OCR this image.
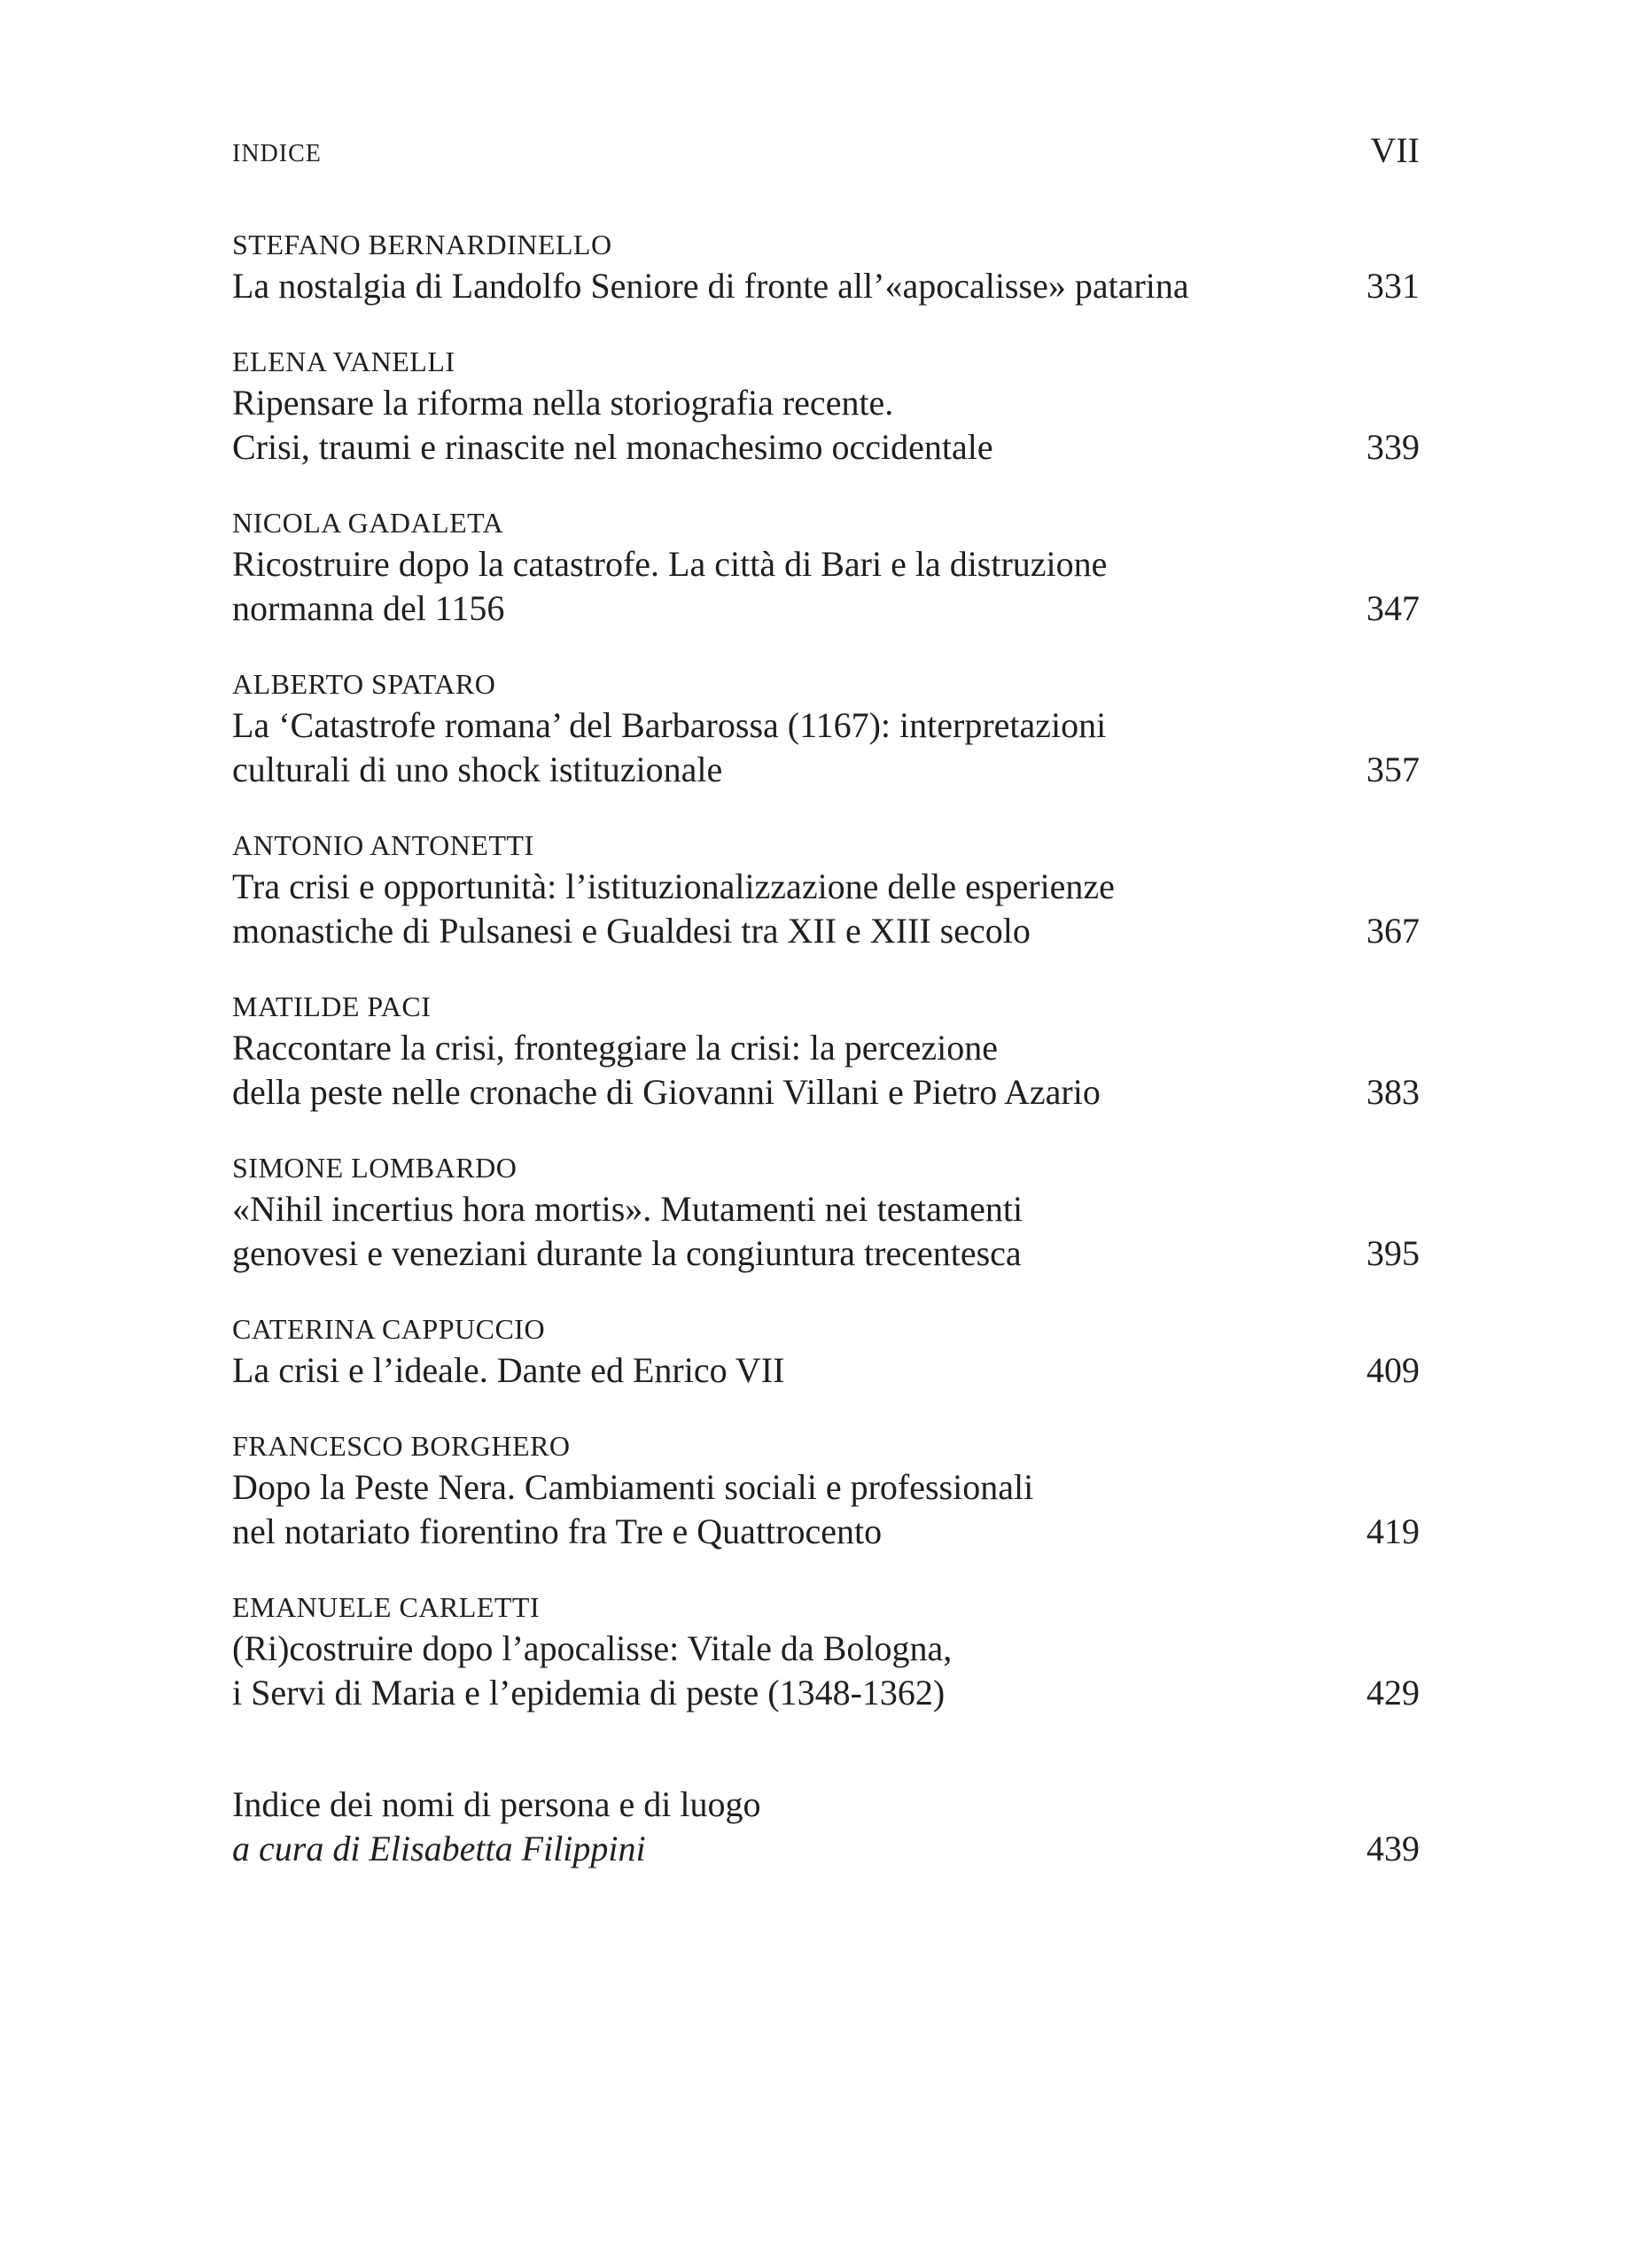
INDICE	VII
STEFANO BERNARDINELLO
La nostalgia di Landolfo Seniore di fronte all’«apocalisse» patarina	331
ELENA VANELLI
Ripensare la riforma nella storiografia recente.
Crisi, traumi e rinascite nel monachesimo occidentale	339
NICOLA GADALETA
Ricostruire dopo la catastrofe. La città di Bari e la distruzione
normanna del 1156	347
ALBERTO SPATARO
La ‘Catastrofe romana’ del Barbarossa (1167): interpretazioni
culturali di uno shock istituzionale	357
ANTONIO ANTONETTI
Tra crisi e opportunità: l’istituzionalizzazione delle esperienze
monastiche di Pulsanesi e Gualdesi tra XII e XIII secolo	367
MATILDE PACI
Raccontare la crisi, fronteggiare la crisi: la percezione
della peste nelle cronache di Giovanni Villani e Pietro Azario	383
SIMONE LOMBARDO
«Nihil incertius hora mortis». Mutamenti nei testamenti
genovesi e veneziani durante la congiuntura trecentesca	395
CATERINA CAPPUCCIO
La crisi e l’ideale. Dante ed Enrico VII	409
FRANCESCO BORGHERO
Dopo la Peste Nera. Cambiamenti sociali e professionali
nel notariato fiorentino fra Tre e Quattrocento	419
EMANUELE CARLETTI
(Ri)costruire dopo l’apocalisse: Vitale da Bologna,
i Servi di Maria e l’epidemia di peste (1348-1362)	429
Indice dei nomi di persona e di luogo
a cura di Elisabetta Filippini	439
